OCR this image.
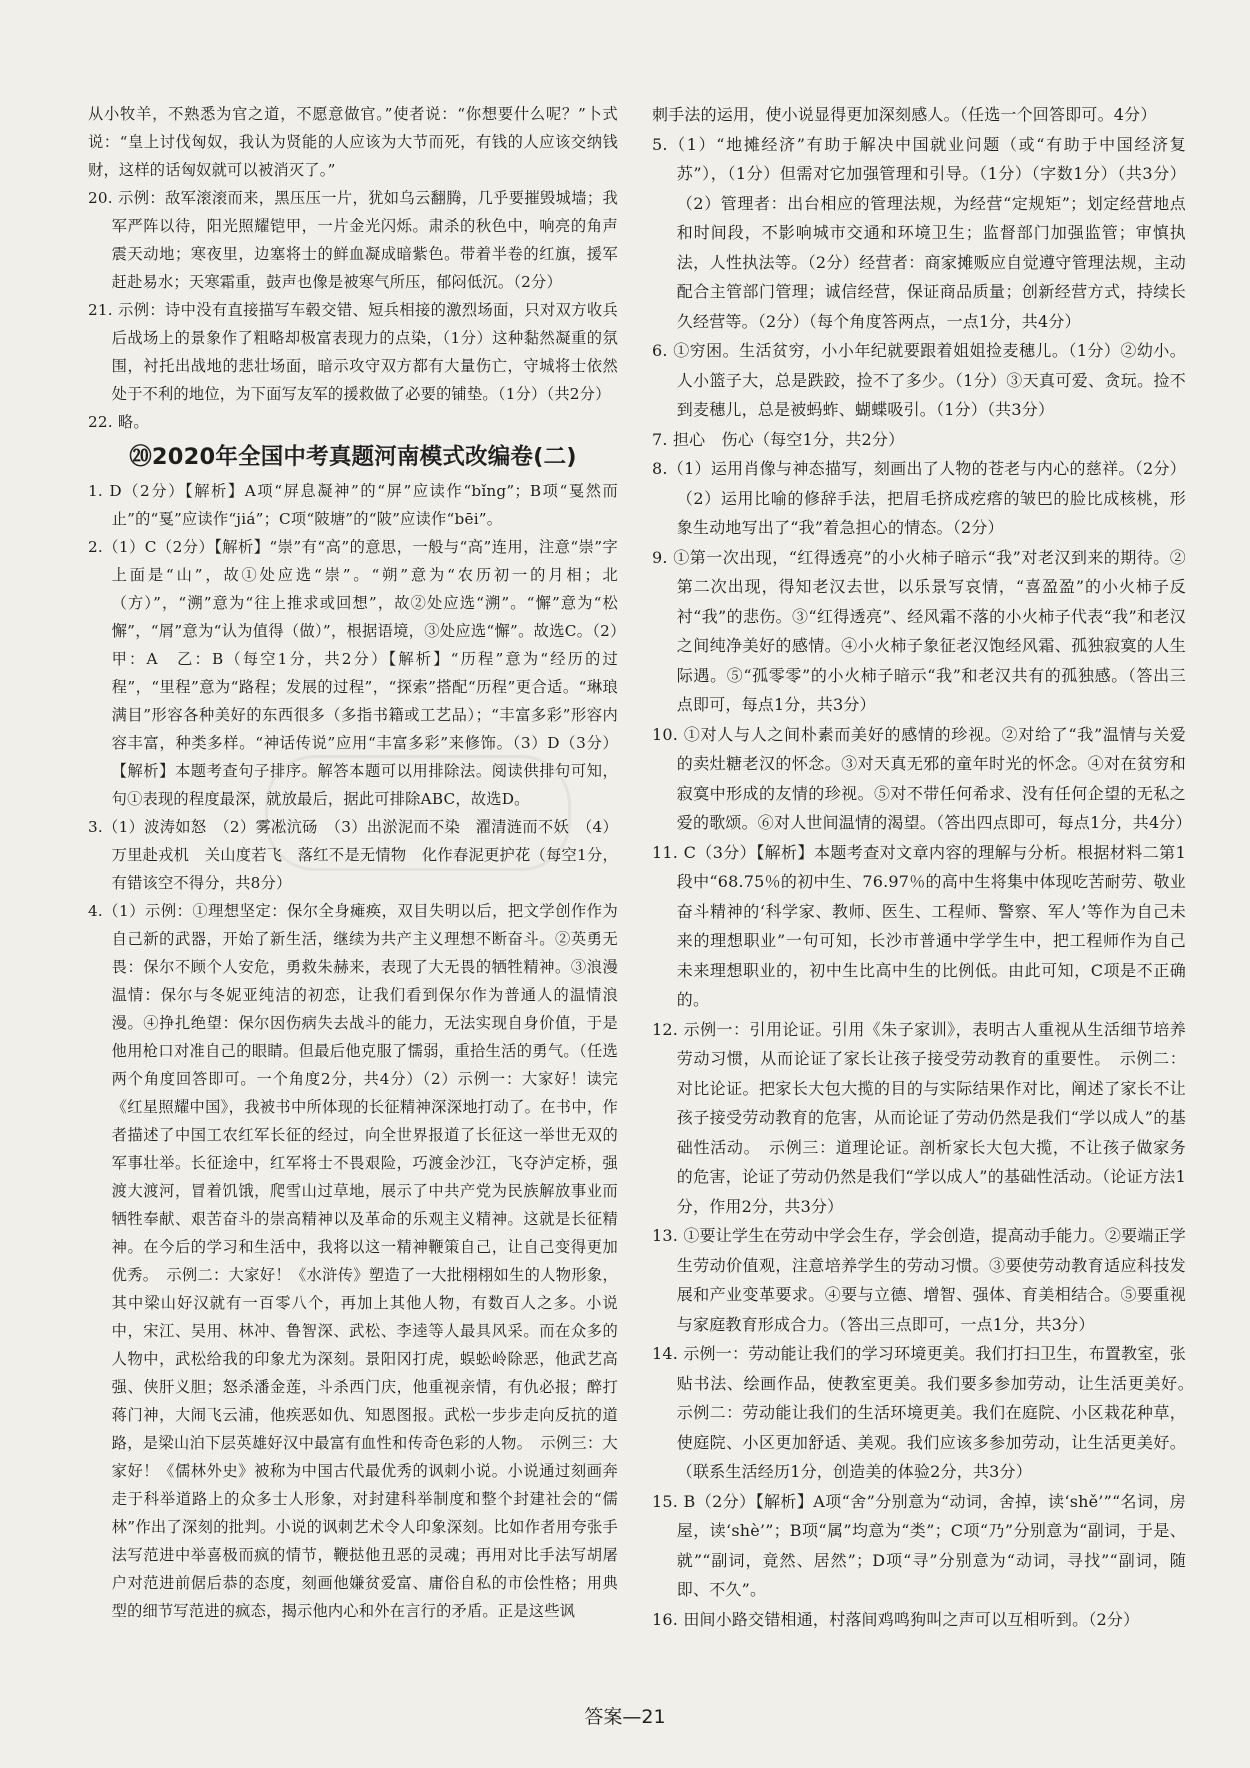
从小牧羊，不熟悉为官之道，不愿意做官。”使者说：“你想要什么呢？”卜式说：“皇上讨伐匈奴，我认为贤能的人应该为大节而死，有钱的人应该交纳钱财，这样的话匈奴就可以被消灭了。”

20. 示例：敌军滚滚而来，黑压压一片，犹如乌云翻腾，几乎要摧毁城墙；我军严阵以待，阳光照耀铠甲，一片金光闪烁。肃杀的秋色中，响亮的角声震天动地；寒夜里，边塞将士的鲜血凝成暗紫色。带着半卷的红旗，援军赶赴易水；天寒霜重，鼓声也像是被寒气所压，郁闷低沉。（2分）

21. 示例：诗中没有直接描写车毂交错、短兵相接的激烈场面，只对双方收兵后战场上的景象作了粗略却极富表现力的点染，（1分）这种黏然凝重的氛围，衬托出战地的悲壮场面，暗示攻守双方都有大量伤亡，守城将士依然处于不利的地位，为下面写友军的援救做了必要的铺垫。（1分）（共2分）

22. 略。

⑳2020年全国中考真题河南模式改编卷(二)

1. D（2分）【解析】A项“屏息凝神”的“屏”应读作“bǐng”；B项“戛然而止”的“戛”应读作“jiá”；C项“陂塘”的“陂”应读作“bēi”。

2.（1）C（2分）【解析】“崇”有“高”的意思，一般与“高”连用，注意“崇”字上面是“山”，故①处应选“崇”。“朔”意为“农历初一的月相；北（方）”，“溯”意为“往上推求或回想”，故②处应选“溯”。“懈”意为“松懈”，“屑”意为“认为值得（做）”，根据语境，③处应选“懈”。故选C。（2）甲：A　乙：B（每空1分，共2分）【解析】“历程”意为“经历的过程”，“里程”意为“路程；发展的过程”，“探索”搭配“历程”更合适。“琳琅满目”形容各种美好的东西很多（多指书籍或工艺品）；“丰富多彩”形容内容丰富，种类多样。“神话传说”应用“丰富多彩”来修饰。（3）D（3分）【解析】本题考查句子排序。解答本题可以用排除法。阅读供排句可知，句①表现的程度最深，就放最后，据此可排除ABC，故选D。

3.（1）波涛如怒　（2）雾凇沆砀　（3）出淤泥而不染　濯清涟而不妖　（4）万里赴戎机　关山度若飞　落红不是无情物　化作春泥更护花（每空1分，有错该空不得分，共8分）

4.（1）示例：①理想坚定：保尔全身瘫痪，双目失明以后，把文学创作作为自己新的武器，开始了新生活，继续为共产主义理想不断奋斗。②英勇无畏：保尔不顾个人安危，勇救朱赫来，表现了大无畏的牺牲精神。③浪漫温情：保尔与冬妮亚纯洁的初恋，让我们看到保尔作为普通人的温情浪漫。④挣扎绝望：保尔因伤病失去战斗的能力，无法实现自身价值，于是他用枪口对准自己的眼睛。但最后他克服了懦弱，重拾生活的勇气。（任选两个角度回答即可。一个角度2分，共4分）（2）示例一：大家好！读完《红星照耀中国》，我被书中所体现的长征精神深深地打动了。在书中，作者描述了中国工农红军长征的经过，向全世界报道了长征这一举世无双的军事壮举。长征途中，红军将士不畏艰险，巧渡金沙江，飞夺泸定桥，强渡大渡河，冒着饥饿，爬雪山过草地，展示了中共产党为民族解放事业而牺牲奉献、艰苦奋斗的崇高精神以及革命的乐观主义精神。这就是长征精神。在今后的学习和生活中，我将以这一精神鞭策自己，让自己变得更加优秀。　示例二：大家好！《水浒传》塑造了一大批栩栩如生的人物形象，其中梁山好汉就有一百零八个，再加上其他人物，有数百人之多。小说中，宋江、吴用、林冲、鲁智深、武松、李逵等人最具风采。而在众多的人物中，武松给我的印象尤为深刻。景阳冈打虎，蜈蚣岭除恶，他武艺高强、侠肝义胆；怒杀潘金莲，斗杀西门庆，他重视亲情，有仇必报；醉打蒋门神，大闹飞云浦，他疾恶如仇、知恩图报。武松一步步走向反抗的道路，是梁山泊下层英雄好汉中最富有血性和传奇色彩的人物。　示例三：大家好！《儒林外史》被称为中国古代最优秀的讽刺小说。小说通过刻画奔走于科举道路上的众多士人形象，对封建科举制度和整个封建社会的“儒林”作出了深刻的批判。小说的讽刺艺术令人印象深刻。比如作者用夸张手法写范进中举喜极而疯的情节，鞭挞他丑恶的灵魂；再用对比手法写胡屠户对范进前倨后恭的态度，刻画他嫌贫爱富、庸俗自私的市侩性格；用典型的细节写范进的疯态，揭示他内心和外在言行的矛盾。正是这些讽

刺手法的运用，使小说显得更加深刻感人。（任选一个回答即可。4分）

5.（1）“地摊经济”有助于解决中国就业问题（或“有助于中国经济复苏”），（1分）但需对它加强管理和引导。（1分）（字数1分）（共3分）（2）管理者：出台相应的管理法规，为经营“定规矩”；划定经营地点和时间段，不影响城市交通和环境卫生；监督部门加强监管；审慎执法，人性执法等。（2分）经营者：商家摊贩应自觉遵守管理法规，主动配合主管部门管理；诚信经营，保证商品质量；创新经营方式，持续长久经营等。（2分）（每个角度答两点，一点1分，共4分）

6. ①穷困。生活贫穷，小小年纪就要跟着姐姐捡麦穗儿。（1分）②幼小。人小篮子大，总是跌跤，捡不了多少。（1分）③天真可爱、贪玩。捡不到麦穗儿，总是被蚂蚱、蝴蝶吸引。（1分）（共3分）

7. 担心　伤心（每空1分，共2分）

8.（1）运用肖像与神态描写，刻画出了人物的苍老与内心的慈祥。（2分）（2）运用比喻的修辞手法，把眉毛挤成疙瘩的皱巴的脸比成核桃，形象生动地写出了“我”着急担心的情态。（2分）

9. ①第一次出现，“红得透亮”的小火柿子暗示“我”对老汉到来的期待。②第二次出现，得知老汉去世，以乐景写哀情，“喜盈盈”的小火柿子反衬“我”的悲伤。③“红得透亮”、经风霜不落的小火柿子代表“我”和老汉之间纯净美好的感情。④小火柿子象征老汉饱经风霜、孤独寂寞的人生际遇。⑤“孤零零”的小火柿子暗示“我”和老汉共有的孤独感。（答出三点即可，每点1分，共3分）

10. ①对人与人之间朴素而美好的感情的珍视。②对给了“我”温情与关爱的卖灶糖老汉的怀念。③对天真无邪的童年时光的怀念。④对在贫穷和寂寞中形成的友情的珍视。⑤对不带任何希求、没有任何企望的无私之爱的歌颂。⑥对人世间温情的渴望。（答出四点即可，每点1分，共4分）

11. C（3分）【解析】本题考查对文章内容的理解与分析。根据材料二第1段中“68.75％的初中生、76.97％的高中生将集中体现吃苦耐劳、敬业奋斗精神的‘科学家、教师、医生、工程师、警察、军人’等作为自己未来的理想职业”一句可知，长沙市普通中学学生中，把工程师作为自己未来理想职业的，初中生比高中生的比例低。由此可知，C项是不正确的。

12. 示例一：引用论证。引用《朱子家训》，表明古人重视从生活细节培养劳动习惯，从而论证了家长让孩子接受劳动教育的重要性。　示例二：对比论证。把家长大包大揽的目的与实际结果作对比，阐述了家长不让孩子接受劳动教育的危害，从而论证了劳动仍然是我们“学以成人”的基础性活动。　示例三：道理论证。剖析家长大包大揽，不让孩子做家务的危害，论证了劳动仍然是我们“学以成人”的基础性活动。（论证方法1分，作用2分，共3分）

13. ①要让学生在劳动中学会生存，学会创造，提高动手能力。②要端正学生劳动价值观，注意培养学生的劳动习惯。③要使劳动教育适应科技发展和产业变革要求。④要与立德、增智、强体、育美相结合。⑤要重视与家庭教育形成合力。（答出三点即可，一点1分，共3分）

14. 示例一：劳动能让我们的学习环境更美。我们打扫卫生，布置教室，张贴书法、绘画作品，使教室更美。我们要多参加劳动，让生活更美好。　示例二：劳动能让我们的生活环境更美。我们在庭院、小区栽花种草，使庭院、小区更加舒适、美观。我们应该多参加劳动，让生活更美好。（联系生活经历1分，创造美的体验2分，共3分）

15. B（2分）【解析】A项“舍”分别意为“动词，舍掉，读‘shě’”“名词，房屋，读‘shè’”；B项“属”均意为“类”；C项“乃”分别意为“副词，于是、就”“副词，竟然、居然”；D项“寻”分别意为“动词，寻找”“副词，随即、不久”。

16. 田间小路交错相通，村落间鸡鸣狗叫之声可以互相听到。（2分）

答案—21
